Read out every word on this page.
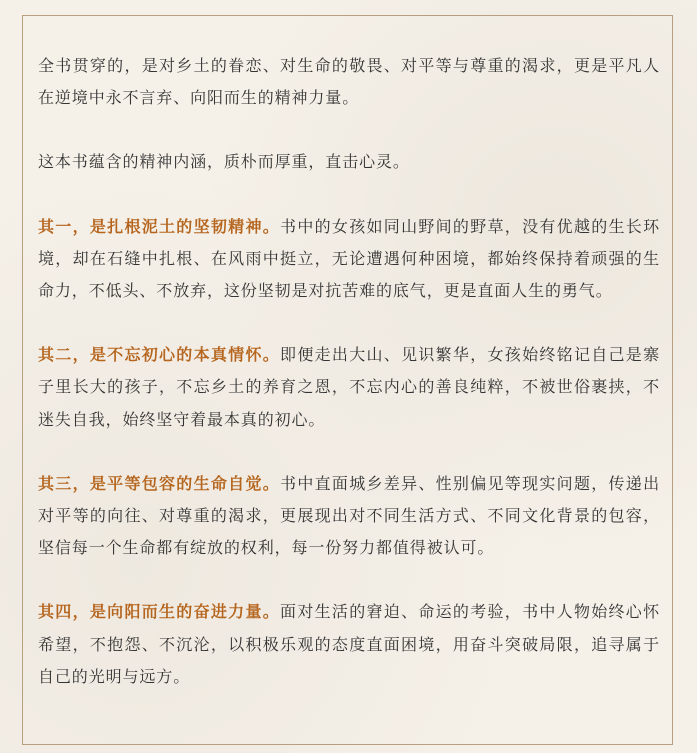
全书贯穿的，是对乡土的眷恋、对生命的敬畏、对平等与尊重的渴求，更是平凡人在逆境中永不言弃、向阳而生的精神力量。

这本书蕴含的精神内涵，质朴而厚重，直击心灵。

其一，是扎根泥土的坚韧精神。书中的女孩如同山野间的野草，没有优越的生长环境，却在石缝中扎根、在风雨中挺立，无论遭遇何种困境，都始终保持着顽强的生命力，不低头、不放弃，这份坚韧是对抗苦难的底气，更是直面人生的勇气。

其二，是不忘初心的本真情怀。即便走出大山、见识繁华，女孩始终铭记自己是寨子里长大的孩子，不忘乡土的养育之恩，不忘内心的善良纯粹，不被世俗裹挟，不迷失自我，始终坚守着最本真的初心。

其三，是平等包容的生命自觉。书中直面城乡差异、性别偏见等现实问题，传递出对平等的向往、对尊重的渴求，更展现出对不同生活方式、不同文化背景的包容，坚信每一个生命都有绽放的权利，每一份努力都值得被认可。

其四，是向阳而生的奋进力量。面对生活的窘迫、命运的考验，书中人物始终心怀希望，不抱怨、不沉沦，以积极乐观的态度直面困境，用奋斗突破局限，追寻属于自己的光明与远方。
